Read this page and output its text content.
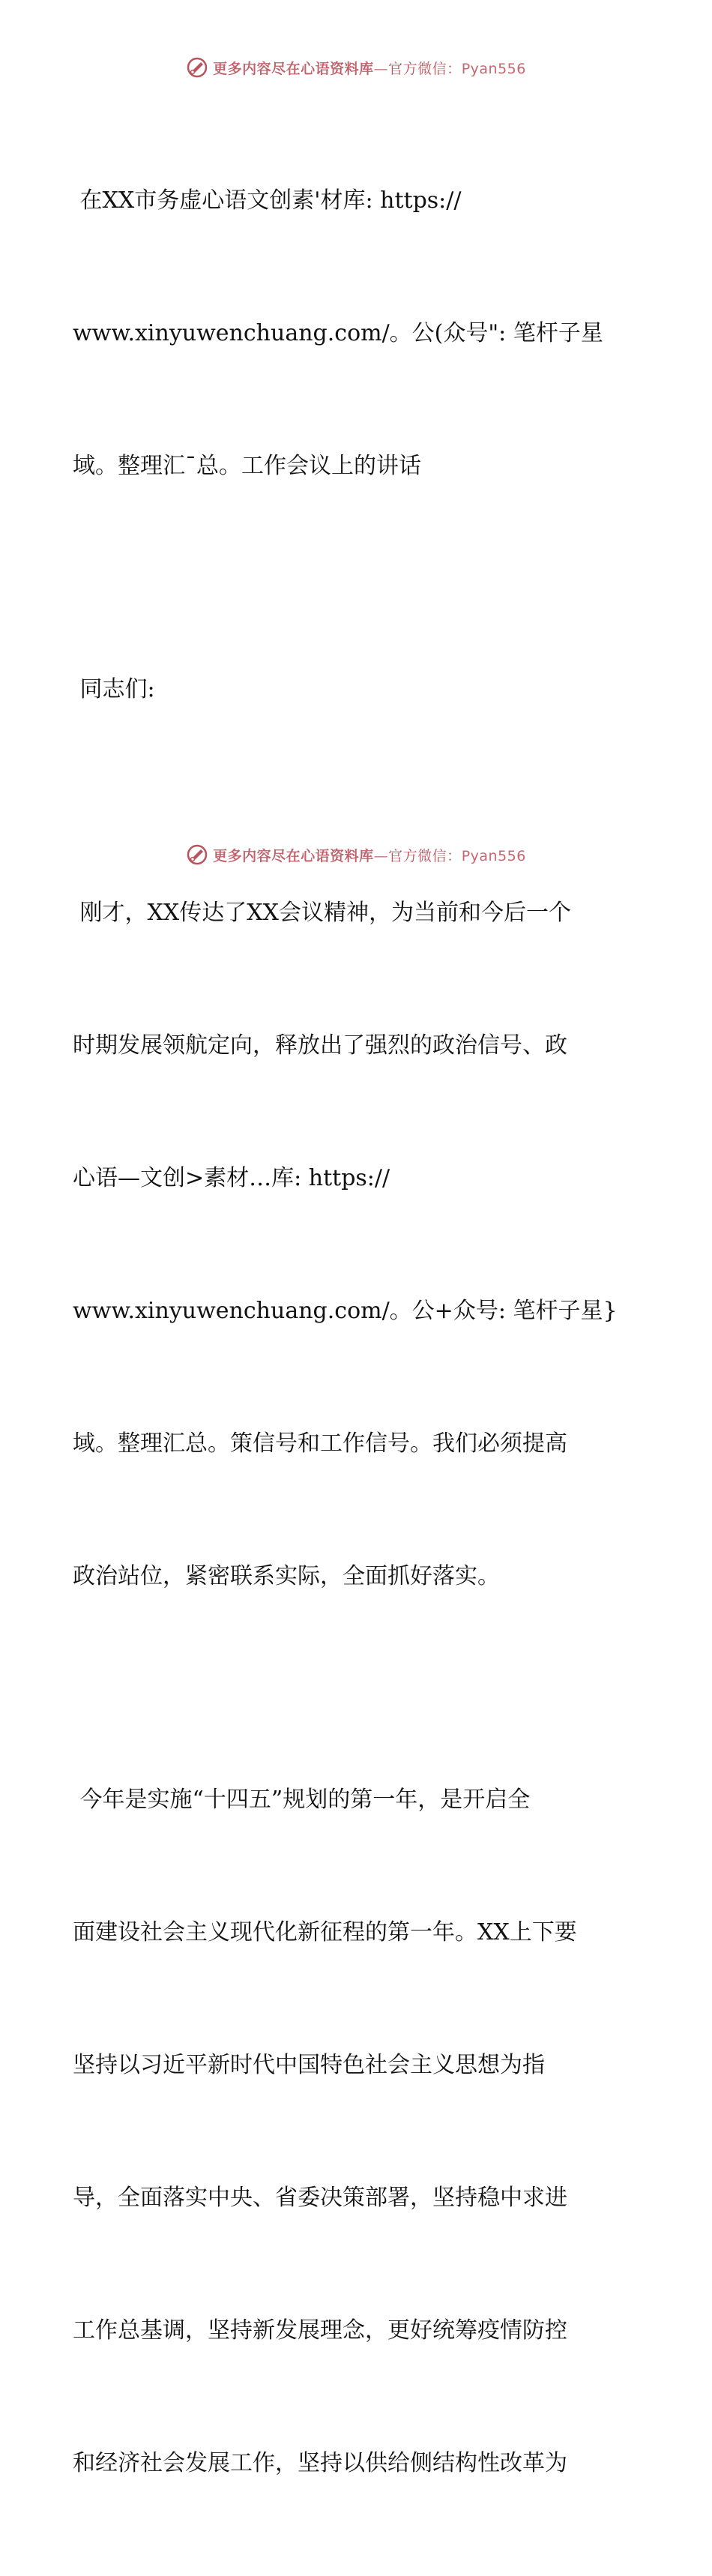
更多内容尽在心语资料库—官方微信：Pyan556

在XX市务虚心语文创素'材库: https://

www.xinyuwenchuang.com/。公(众号": 笔杆子星

域。整理汇¯总。工作会议上的讲话

同志们:

刚才，XX传达了XX会议精神，为当前和今后一个

时期发展领航定向，释放出了强烈的政治信号、政

心语—文创>素材…库: https://

www.xinyuwenchuang.com/。公+众号: 笔杆子星}

域。整理汇总。策信号和工作信号。我们必须提高

政治站位，紧密联系实际，全面抓好落实。

今年是实施“十四五”规划的第一年，是开启全

面建设社会主义现代化新征程的第一年。XX上下要

坚持以习近平新时代中国特色社会主义思想为指

导，全面落实中央、省委决策部署，坚持稳中求进

工作总基调，坚持新发展理念，更好统筹疫情防控

和经济社会发展工作，坚持以供给侧结构性改革为

更多内容尽在心语资料库—官方微信：Pyan556
